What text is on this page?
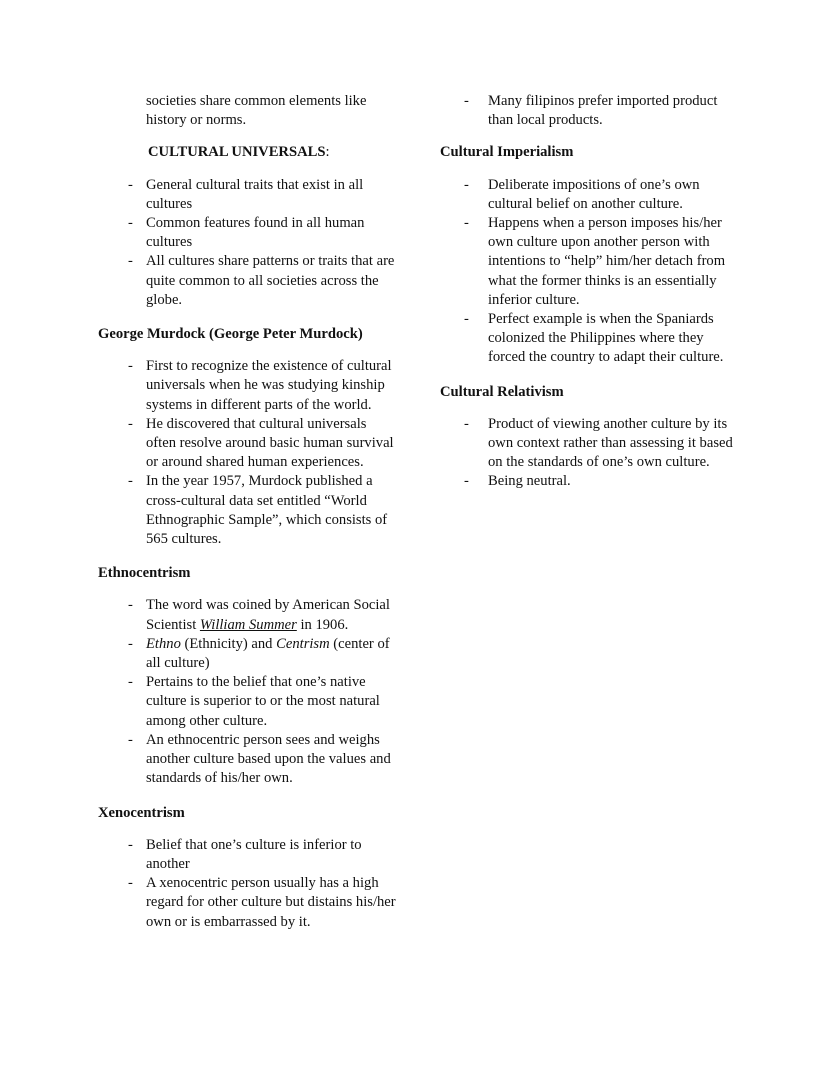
societies share common elements like history or norms.

CULTURAL UNIVERSALS:
- General cultural traits that exist in all cultures
- Common features found in all human cultures
- All cultures share patterns or traits that are quite common to all societies across the globe.
George Murdock (George Peter Murdock)
- First to recognize the existence of cultural universals when he was studying kinship systems in different parts of the world.
- He discovered that cultural universals often resolve around basic human survival or around shared human experiences.
- In the year 1957, Murdock published a cross-cultural data set entitled “World Ethnographic Sample”, which consists of 565 cultures.
Ethnocentrism
- The word was coined by American Social Scientist William Summer in 1906.
- Ethno (Ethnicity) and Centrism (center of all culture)
- Pertains to the belief that one’s native culture is superior to or the most natural among other culture.
- An ethnocentric person sees and weighs another culture based upon the values and standards of his/her own.
Xenocentrism
- Belief that one’s culture is inferior to another
- A xenocentric person usually has a high regard for other culture but distains his/her own or is embarrassed by it.
- Many filipinos prefer imported product than local products.
Cultural Imperialism
- Deliberate impositions of one’s own cultural belief on another culture.
- Happens when a person imposes his/her own culture upon another person with intentions to “help” him/her detach from what the former thinks is an essentially inferior culture.
- Perfect example is when the Spaniards colonized the Philippines where they forced the country to adapt their culture.
Cultural Relativism
- Product of viewing another culture by its own context rather than assessing it based on the standards of one’s own culture.
- Being neutral.
